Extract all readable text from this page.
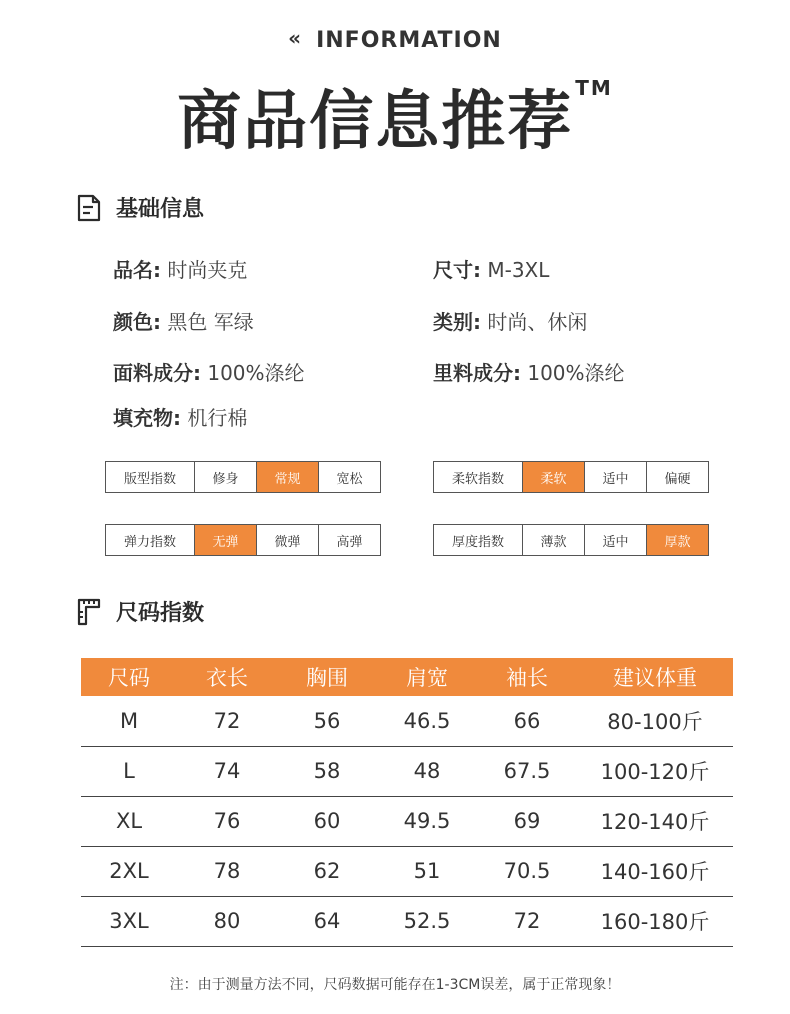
« INFORMATION
商品信息推荐 ™
基础信息
品名: 时尚夹克	尺寸: M-3XL
颜色: 黑色 军绿	类别: 时尚、休闲
面料成分: 100%涤纶	里料成分: 100%涤纶
填充物: 机行棉
版型指数	修身	常规	宽松	柔软指数	柔软	适中	偏硬
弹力指数	无弹	微弹	高弹	厚度指数	薄款	适中	厚款
尺码指数
尺码	衣长	胸围	肩宽	袖长	建议体重
M	72	56	46.5	66	80-100斤
L	74	58	48	67.5	100-120斤
XL	76	60	49.5	69	120-140斤
2XL	78	62	51	70.5	140-160斤
3XL	80	64	52.5	72	160-180斤
注：由于测量方法不同，尺码数据可能存在1-3CM误差，属于正常现象！
